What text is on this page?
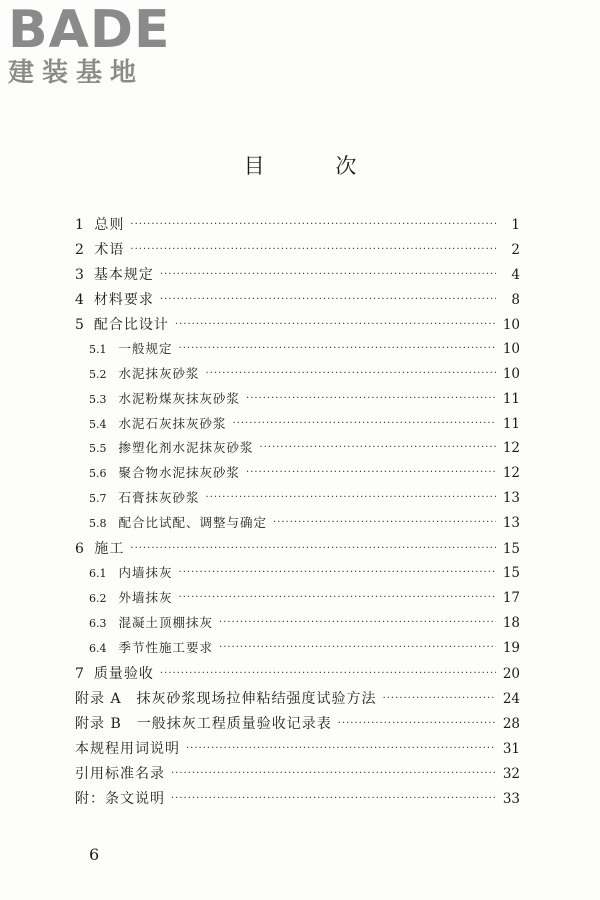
BADE
建装基地
目 次
1 总则 ·····	1
2 术语 ·····	2
3 基本规定 ·····	4
4 材料要求 ·····	8
5 配合比设计 ·····	10
5.1 一般规定 ·····	10
5.2 水泥抹灰砂浆 ·····	10
5.3 水泥粉煤灰抹灰砂浆 ·····	11
5.4 水泥石灰抹灰砂浆 ·····	11
5.5 掺塑化剂水泥抹灰砂浆 ·····	12
5.6 聚合物水泥抹灰砂浆 ·····	12
5.7 石膏抹灰砂浆 ·····	13
5.8 配合比试配、调整与确定 ·····	13
6 施工 ·····	15
6.1 内墙抹灰 ·····	15
6.2 外墙抹灰 ·····	17
6.3 混凝土顶棚抹灰 ·····	18
6.4 季节性施工要求 ·····	19
7 质量验收 ·····	20
附录 A　抹灰砂浆现场拉伸粘结强度试验方法 ·····	24
附录 B　一般抹灰工程质量验收记录表 ·····	28
本规程用词说明 ·····	31
引用标准名录 ·····	32
附：条文说明 ·····	33
6
